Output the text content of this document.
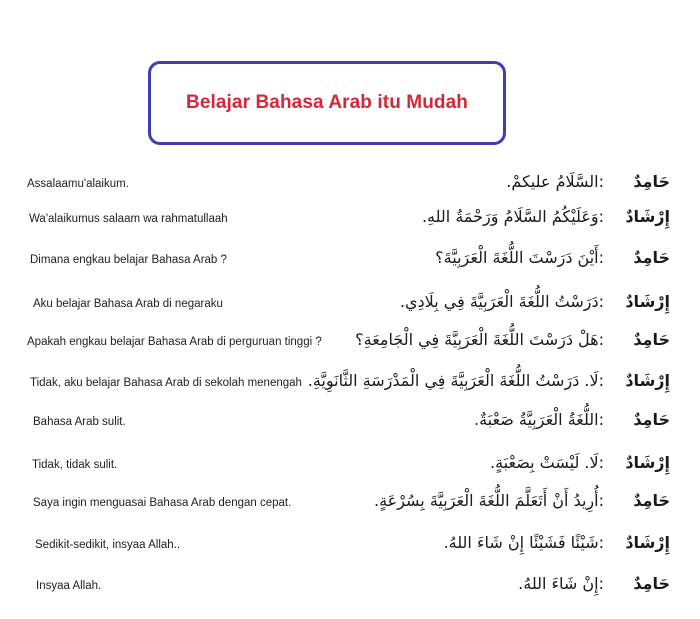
Belajar Bahasa Arab itu Mudah
Assalaamu'alaikum.	:السَّلَامُ عليكمْ.	حَامِدٌ
Wa'alaikumus salaam wa rahmatullaah	:وَعَلَيْكُمُ السَّلَامُ وَرَحْمَةُ اللهِ. إِرْشَادٌ
Dimana engkau belajar Bahasa Arab ?	:أَيْنَ دَرَسْتَ اللُّغَةَ الْعَرَبِيَّةَ؟	حَامِدٌ
Aku belajar Bahasa Arab di negaraku	:دَرَسْتُ اللُّغَةَ الْعَرَبِيَّةَ فِي بِلَادِي. إِرْشَادٌ
Apakah engkau belajar Bahasa Arab di perguruan tinggi ? :هَلْ دَرَسْتَ اللُّغَةَ الْعَرَبِيَّةَ فِي الْجَامِعَةِ؟	حَامِدٌ
Tidak, aku belajar Bahasa Arab di sekolah menengah :لَا. دَرَسْتُ اللُّغَةَ الْعَرَبِيَّةَ فِي الْمَدْرَسَةِ الثَّانَوِيَّةِ. إِرْشَادٌ
Bahasa Arab sulit.	:اللُّغَةُ الْعَرَبِيَّةُ صَعْبَةٌ.	حَامِدٌ
Tidak, tidak sulit.	:لَا. لَيْسَتْ بِصَعْبَةٍ. إِرْشَادٌ
Saya ingin menguasai Bahasa Arab dengan cepat.	:أُرِيدُ أَنْ أَتَعَلَّمَ اللُّغَةَ الْعَرَبِيَّةَ بِسُرْعَةٍ.	حَامِدٌ
Sedikit-sedikit, insyaa Allah..	:شَيْئًا فَشَيْئًا إِنْ شَاءَ اللهُ. إِرْشَادٌ
Insyaa Allah.	:إِنْ شَاءَ اللهُ.	حَامِدٌ
